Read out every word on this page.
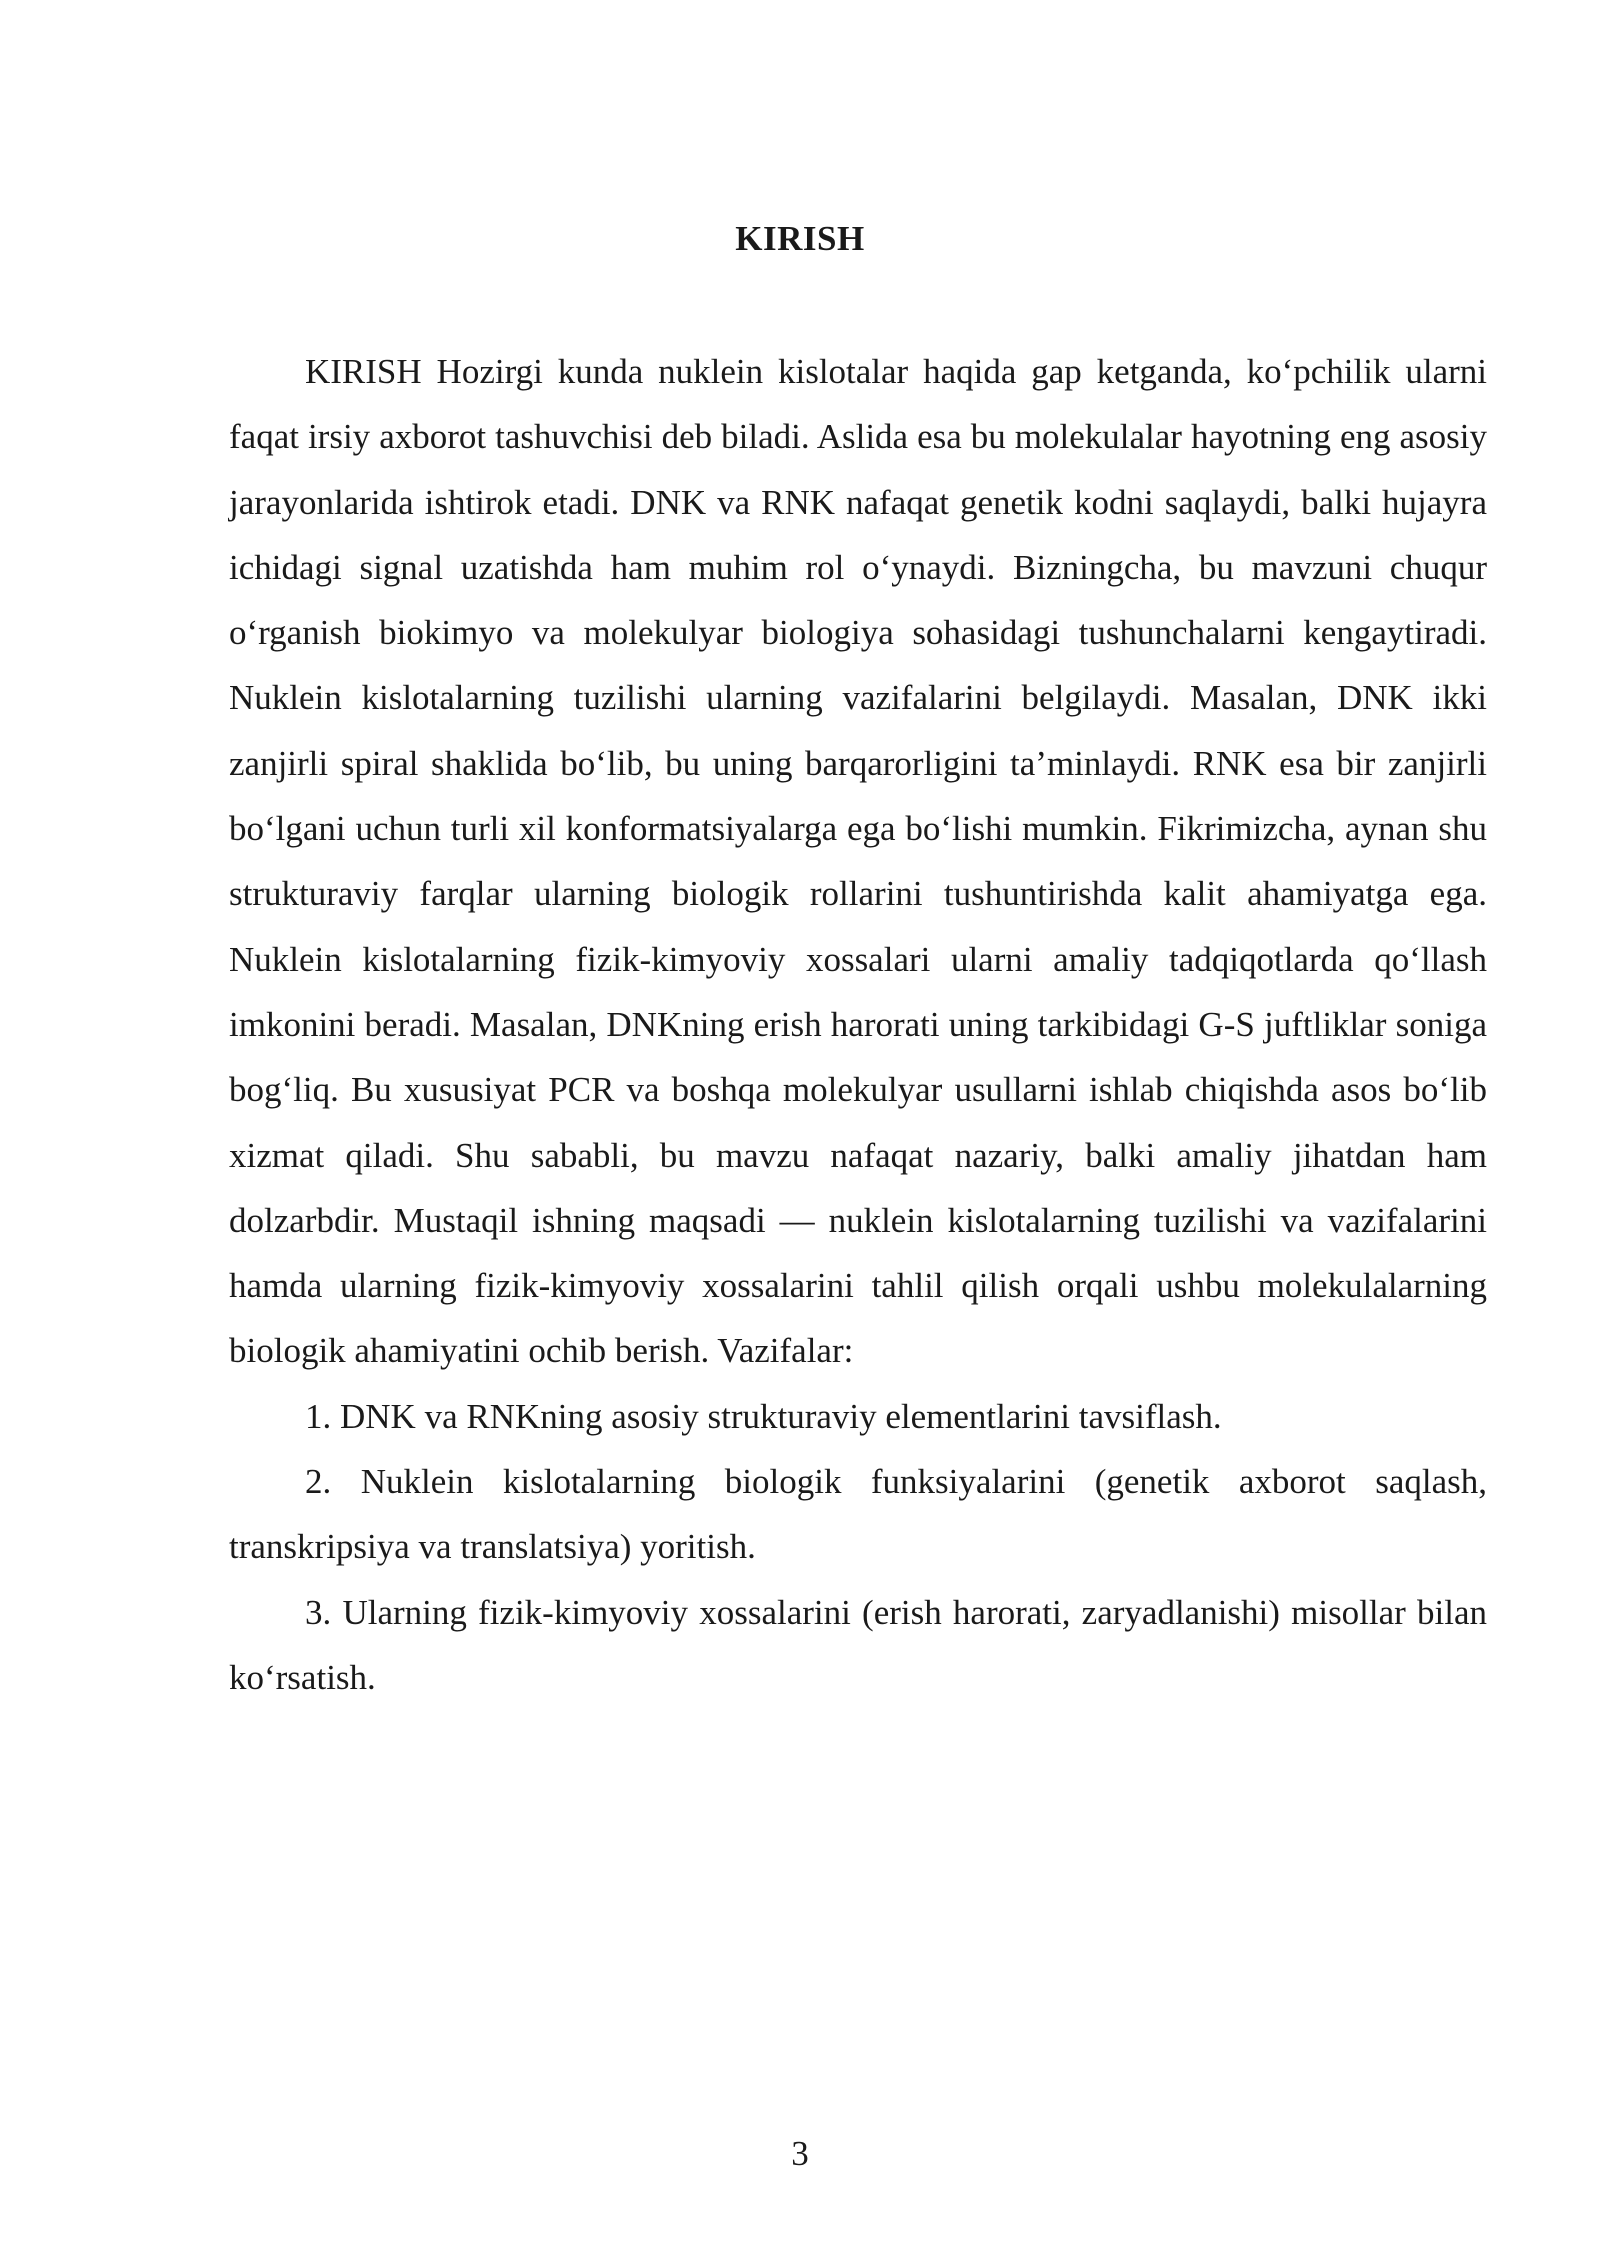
KIRISH

KIRISH Hozirgi kunda nuklein kislotalar haqida gap ketganda, ko‘pchilik ularni faqat irsiy axborot tashuvchisi deb biladi. Aslida esa bu molekulalar hayotning eng asosiy jarayonlarida ishtirok etadi. DNK va RNK nafaqat genetik kodni saqlaydi, balki hujayra ichidagi signal uzatishda ham muhim rol o‘ynaydi. Bizningcha, bu mavzuni chuqur o‘rganish biokimyo va molekulyar biologiya sohasidagi tushunchalarni kengaytiradi. Nuklein kislotalarning tuzilishi ularning vazifalarini belgilaydi. Masalan, DNK ikki zanjirli spiral shaklida bo‘lib, bu uning barqarorligini ta’minlaydi. RNK esa bir zanjirli bo‘lgani uchun turli xil konformatsiyalarga ega bo‘lishi mumkin. Fikrimizcha, aynan shu strukturaviy farqlar ularning biologik rollarini tushuntirishda kalit ahamiyatga ega. Nuklein kislotalarning fizik-kimyoviy xossalari ularni amaliy tadqiqotlarda qo‘llash imkonini beradi. Masalan, DNKning erish harorati uning tarkibidagi G-S juftliklar soniga bog‘liq. Bu xususiyat PCR va boshqa molekulyar usullarni ishlab chiqishda asos bo‘lib xizmat qiladi. Shu sababli, bu mavzu nafaqat nazariy, balki amaliy jihatdan ham dolzarbdir. Mustaqil ishning maqsadi — nuklein kislotalarning tuzilishi va vazifalarini hamda ularning fizik-kimyoviy xossalarini tahlil qilish orqali ushbu molekulalarning biologik ahamiyatini ochib berish. Vazifalar:

1. DNK va RNKning asosiy strukturaviy elementlarini tavsiflash.

2. Nuklein kislotalarning biologik funksiyalarini (genetik axborot saqlash, transkripsiya va translatsiya) yoritish.

3. Ularning fizik-kimyoviy xossalarini (erish harorati, zaryadlanishi) misollar bilan ko‘rsatish.

3
